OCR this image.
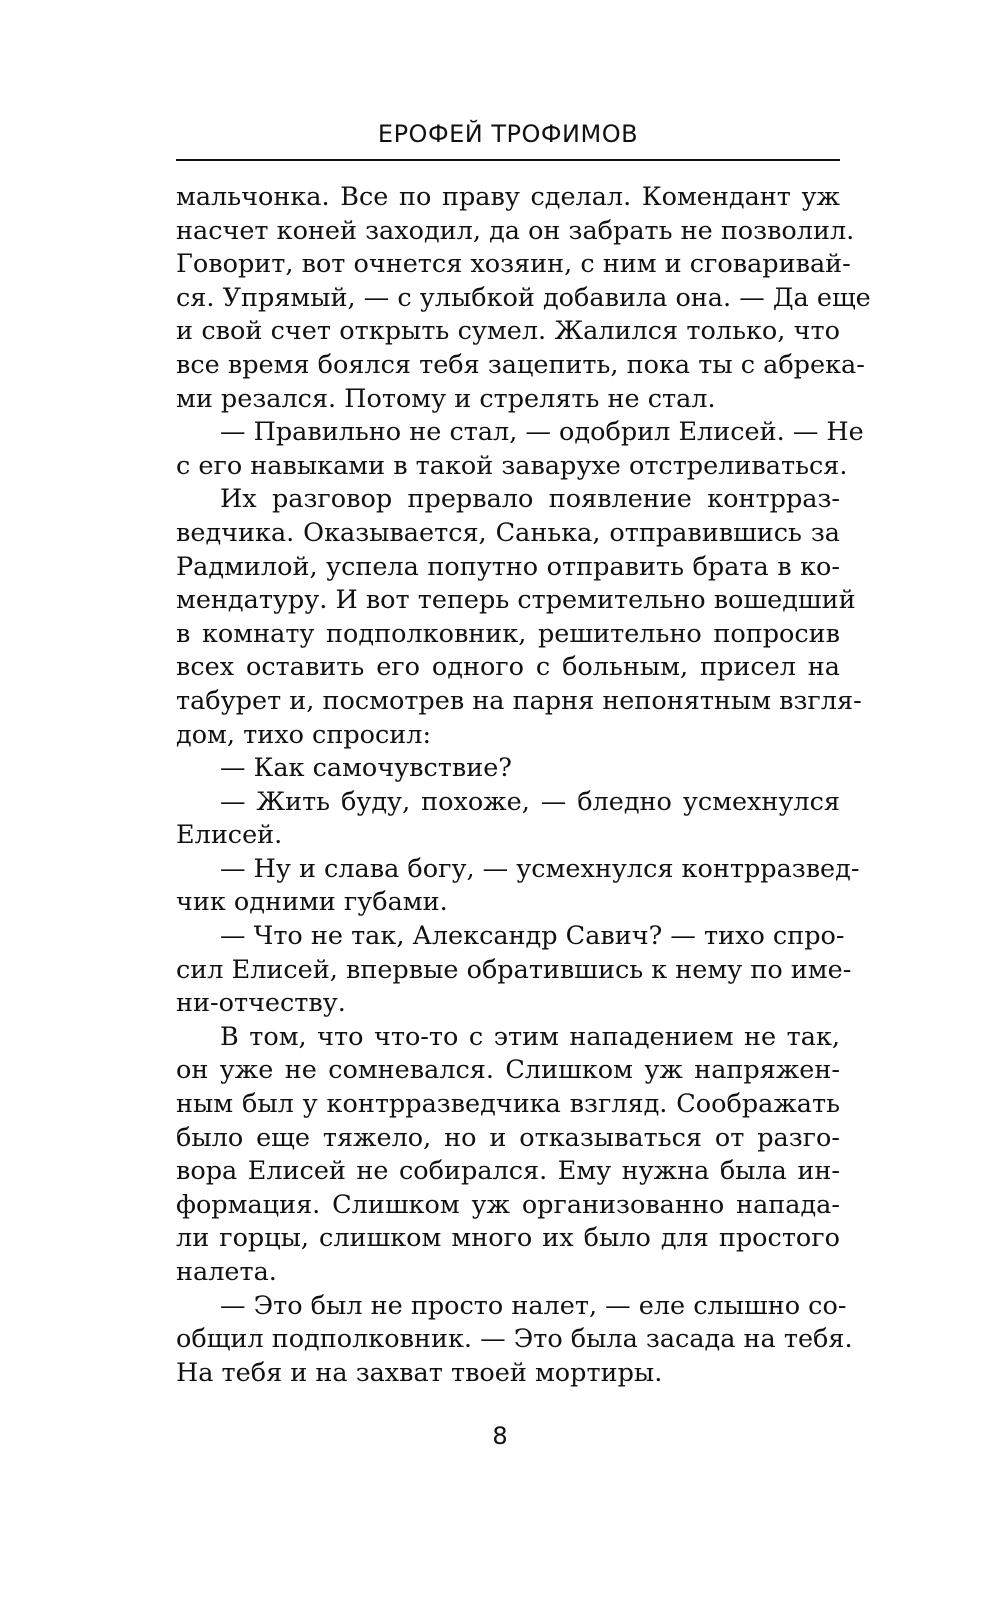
ЕРОФЕЙ ТРОФИМОВ
мальчонка. Все по праву сделал. Комендант уж
насчет коней заходил, да он забрать не позволил.
Говорит, вот очнется хозяин, с ним и сговаривай-
ся. Упрямый, — с улыбкой добавила она. — Да еще
и свой счет открыть сумел. Жалился только, что
все время боялся тебя зацепить, пока ты с абрека-
ми резался. Потому и стрелять не стал.
— Правильно не стал, — одобрил Елисей. — Не
с его навыками в такой заварухе отстреливаться.
Их разговор прервало появление контрраз-
ведчика. Оказывается, Санька, отправившись за
Радмилой, успела попутно отправить брата в ко-
мендатуру. И вот теперь стремительно вошедший
в комнату подполковник, решительно попросив
всех оставить его одного с больным, присел на
табурет и, посмотрев на парня непонятным взгля-
дом, тихо спросил:
— Как самочувствие?
— Жить буду, похоже, — бледно усмехнулся
Елисей.
— Ну и слава богу, — усмехнулся контрразвед-
чик одними губами.
— Что не так, Александр Савич? — тихо спро-
сил Елисей, впервые обратившись к нему по име-
ни-отчеству.
В том, что что-то с этим нападением не так,
он уже не сомневался. Слишком уж напряжен-
ным был у контрразведчика взгляд. Соображать
было еще тяжело, но и отказываться от разго-
вора Елисей не собирался. Ему нужна была ин-
формация. Слишком уж организованно напада-
ли горцы, слишком много их было для простого
налета.
— Это был не просто налет, — еле слышно со-
общил подполковник. — Это была засада на тебя.
На тебя и на захват твоей мортиры.
8
